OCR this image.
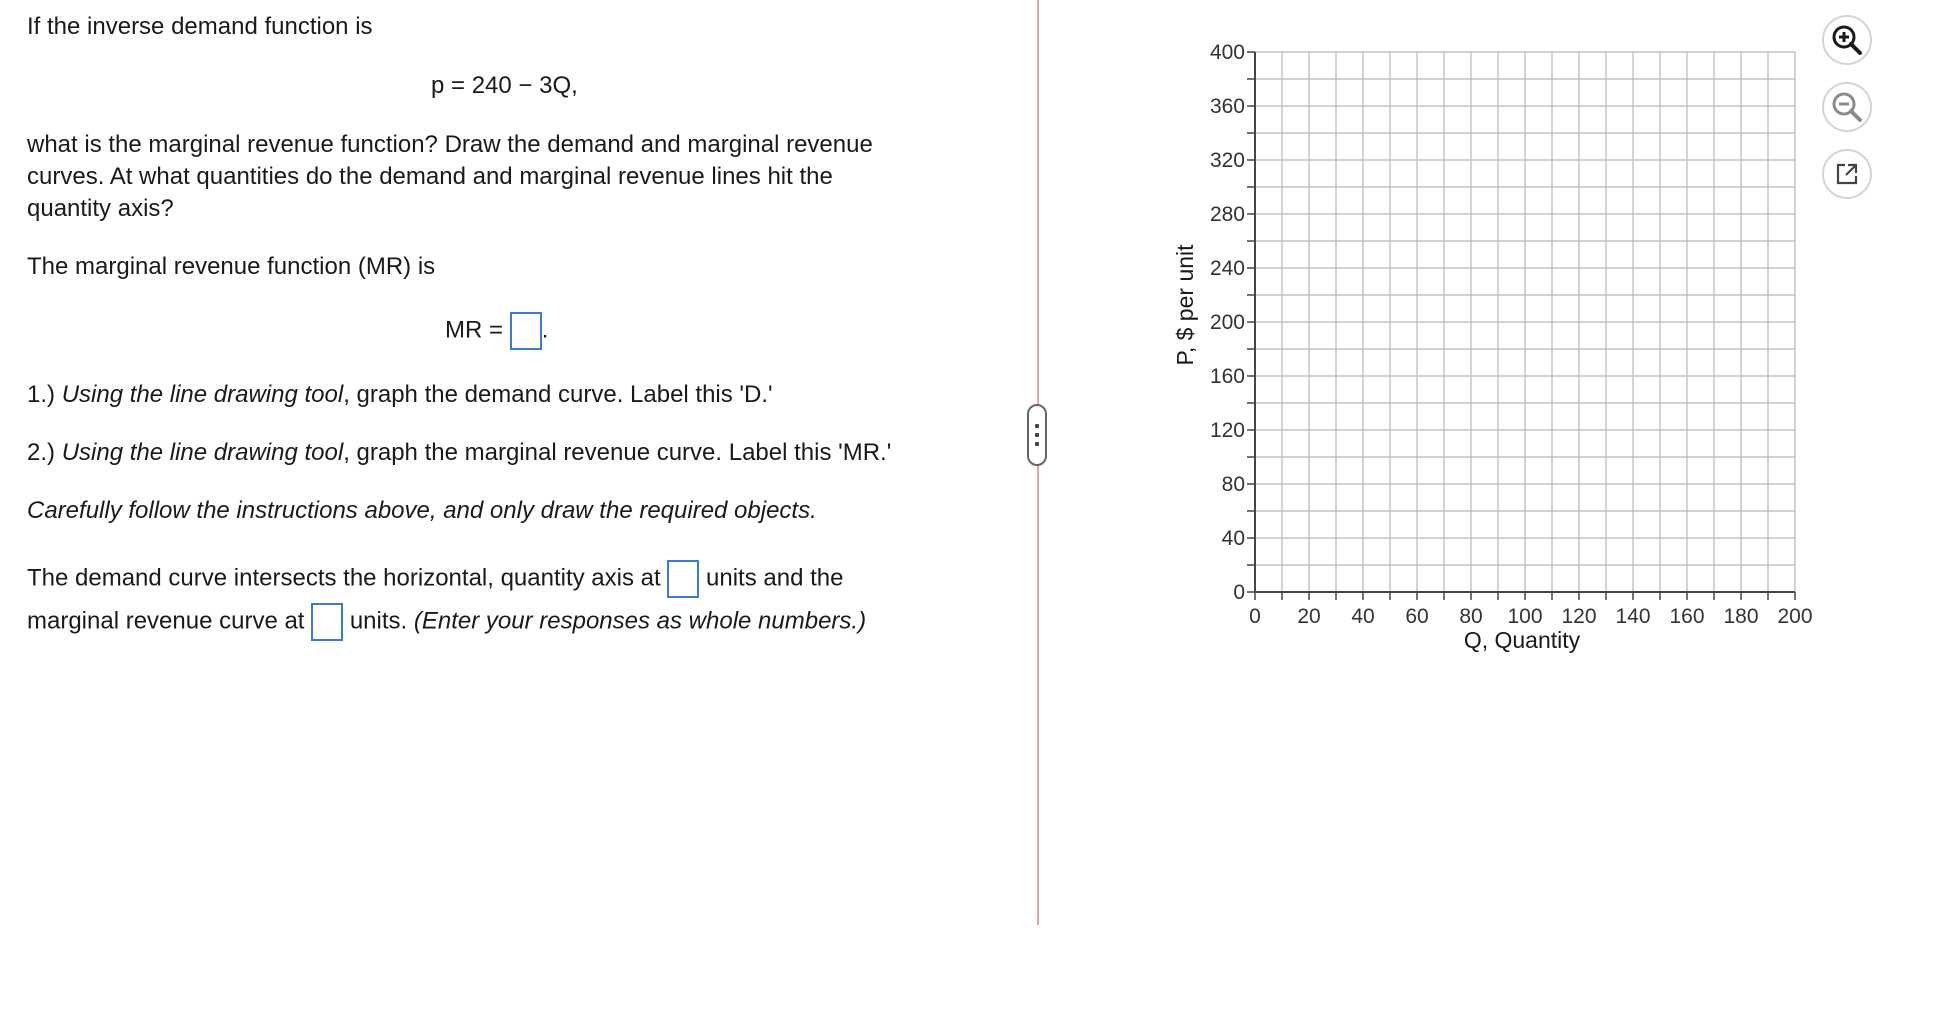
If the inverse demand function is
p = 240 − 3Q,
what is the marginal revenue function? Draw the demand and marginal revenue
curves. At what quantities do the demand and marginal revenue lines hit the
quantity axis?
The marginal revenue function (MR) is
MR = .
1.) Using the line drawing tool, graph the demand curve. Label this 'D.'
2.) Using the line drawing tool, graph the marginal revenue curve. Label this 'MR.'
Carefully follow the instructions above, and only draw the required objects.
The demand curve intersects the horizontal, quantity axis at units and the
marginal revenue curve at units. (Enter your responses as whole numbers.)	0 20 40 60 80 100 120 140 160 180 200
0
40
80
120
160
200
240
280
320
360
400
P, $ per unit
Q, Quantity
